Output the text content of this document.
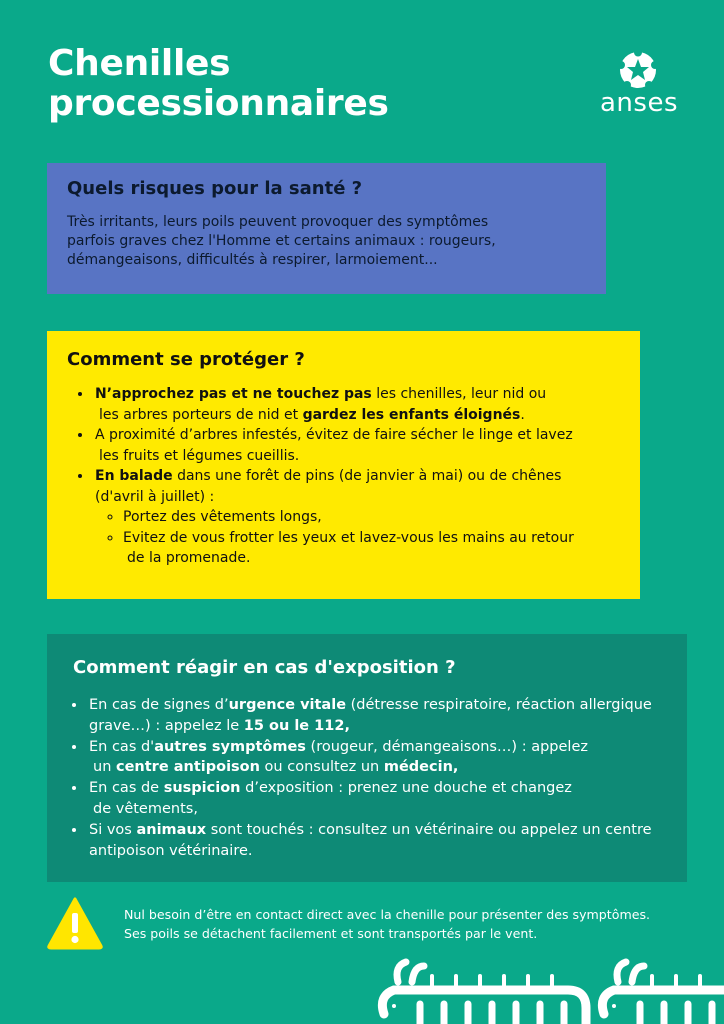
Chenilles
processionnaires	anses
Quels risques pour la santé ?

Très irritants, leurs poils peuvent provoquer des symptômes
parfois graves chez l'Homme et certains animaux : rougeurs,
démangeaisons, difficultés à respirer, larmoiement...

Comment se protéger ?
• N’approchez pas et ne touchez pas les chenilles, leur nid ou
les arbres porteurs de nid et gardez les enfants éloignés.
• A proximité d’arbres infestés, évitez de faire sécher le linge et lavez
les fruits et légumes cueillis.
• En balade dans une forêt de pins (de janvier à mai) ou de chênes
(d'avril à juillet) :
◦ Portez des vêtements longs,
◦ Evitez de vous frotter les yeux et lavez-vous les mains au retour
de la promenade.
Comment réagir en cas d'exposition ?
• En cas de signes d’urgence vitale (détresse respiratoire, réaction allergique
grave…) : appelez le 15 ou le 112,
• En cas d'autres symptômes (rougeur, démangeaisons…) : appelez
un centre antipoison ou consultez un médecin,
• En cas de suspicion d’exposition : prenez une douche et changez
de vêtements,
• Si vos animaux sont touchés : consultez un vétérinaire ou appelez un centre
antipoison vétérinaire.
Nul besoin d’être en contact direct avec la chenille pour présenter des symptômes.
Ses poils se détachent facilement et sont transportés par le vent.
